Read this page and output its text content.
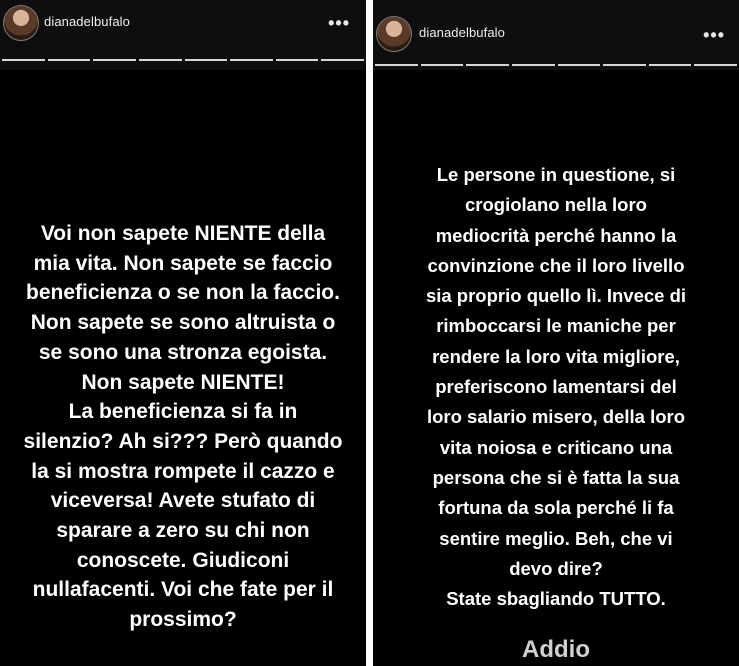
dianadelbufalo	•••
Voi non sapete NIENTE della
mia vita. Non sapete se faccio
beneficienza o se non la faccio.
Non sapete se sono altruista o
se sono una stronza egoista.
Non sapete NIENTE!
La beneficienza si fa in
silenzio? Ah si??? Però quando
la si mostra rompete il cazzo e
viceversa! Avete stufato di
sparare a zero su chi non
conoscete. Giudiconi
nullafacenti. Voi che fate per il
prossimo?
dianadelbufalo	•••
Le persone in questione, si
crogiolano nella loro
mediocrità perché hanno la
convinzione che il loro livello
sia proprio quello lì. Invece di
rimboccarsi le maniche per
rendere la loro vita migliore,
preferiscono lamentarsi del
loro salario misero, della loro
vita noiosa e criticano una
persona che si è fatta la sua
fortuna da sola perché li fa
sentire meglio. Beh, che vi
devo dire?
State sbagliando TUTTO.
Addio
